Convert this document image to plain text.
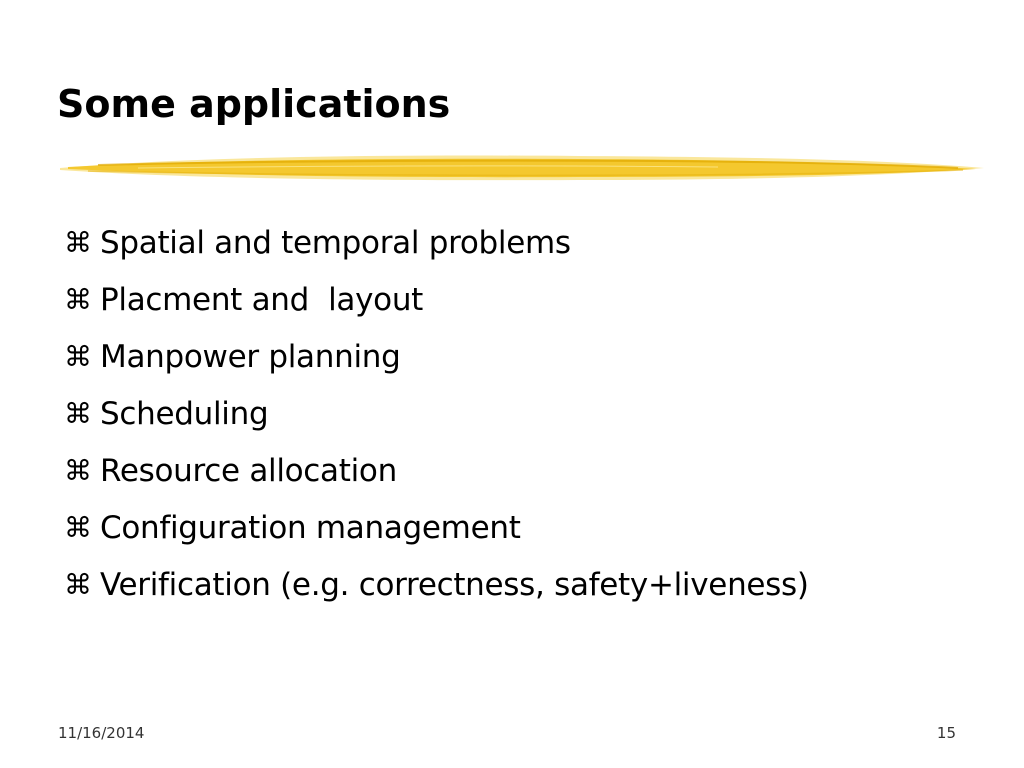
Some applications
⌘ Spatial and temporal problems
⌘ Placment and  layout
⌘ Manpower planning
⌘ Scheduling
⌘ Resource allocation
⌘ Configuration management
⌘ Verification (e.g. correctness, safety+liveness)
11/16/2014	15
